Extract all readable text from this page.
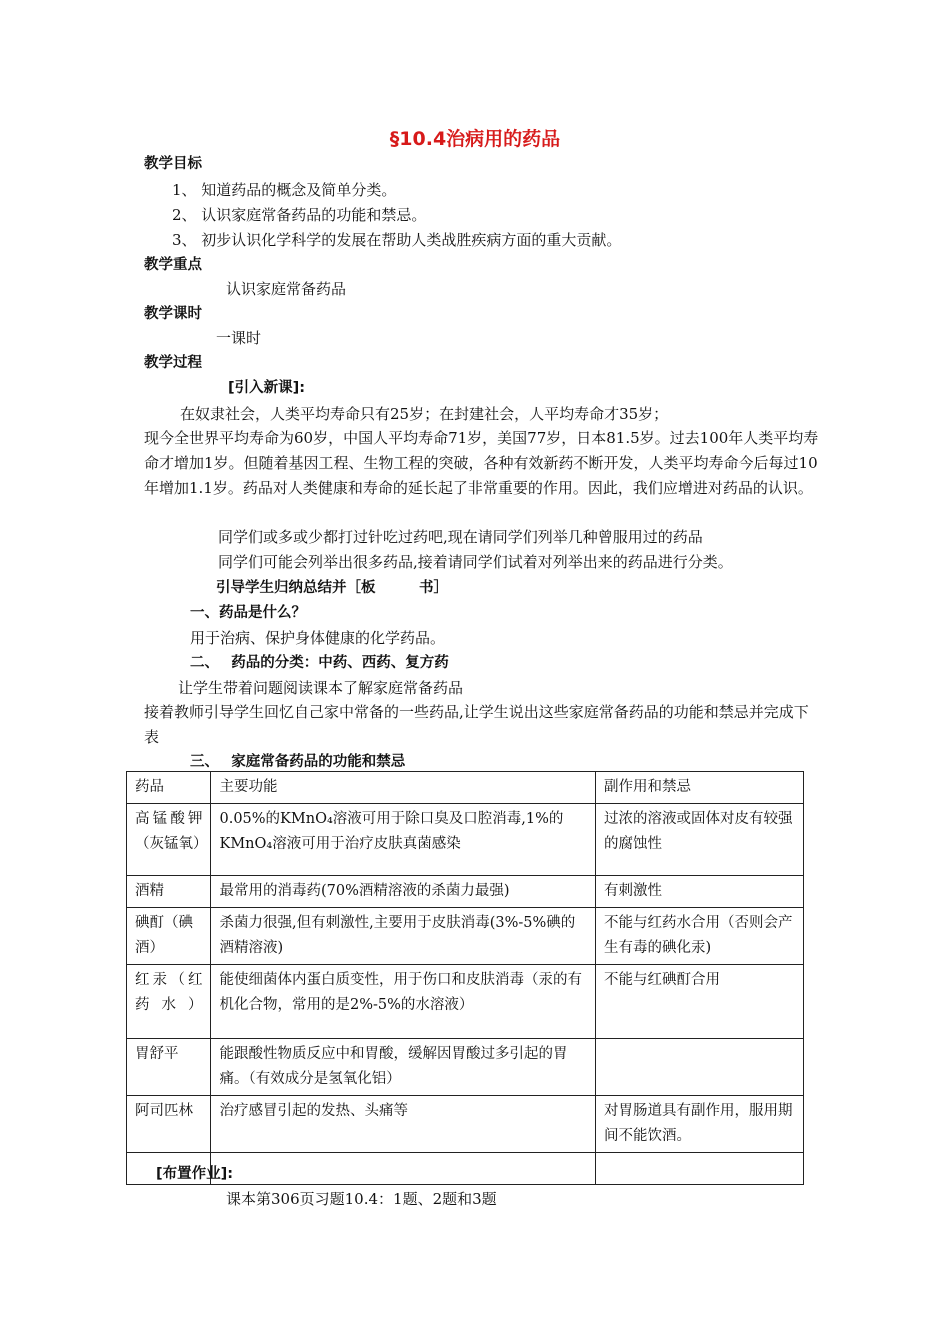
§10.4治病用的药品
教学目标
1、 知道药品的概念及简单分类。
2、 认识家庭常备药品的功能和禁忌。
3、 初步认识化学科学的发展在帮助人类战胜疾病方面的重大贡献。
教学重点
认识家庭常备药品
教学课时
一课时
教学过程
[引入新课]:
在奴隶社会，人类平均寿命只有25岁；在封建社会，人平均寿命才35岁；
现今全世界平均寿命为60岁，中国人平均寿命71岁，美国77岁，日本81.5岁。过去100年人类平均寿命才增加1岁。但随着基因工程、生物工程的突破，各种有效新药不断开发，人类平均寿命今后每过10年增加1.1岁。药品对人类健康和寿命的延长起了非常重要的作用。因此，我们应增进对药品的认识。
同学们或多或少都打过针吃过药吧,现在请同学们列举几种曾服用过的药品
同学们可能会列举出很多药品,接着请同学们试着对列举出来的药品进行分类。
引导学生归纳总结并［板　　　书］
一、药品是什么？
用于治病、保护身体健康的化学药品。
二、　 药品的分类：中药、西药、复方药
让学生带着问题阅读课本了解家庭常备药品
接着教师引导学生回忆自己家中常备的一些药品,让学生说出这些家庭常备药品的功能和禁忌并完成下表
三、　 家庭常备药品的功能和禁忌
药品	主要功能	副作用和禁忌

高锰酸钾（灰锰氧）	0.05%的KMnO₄溶液可用于除口臭及口腔消毒,1%的KMnO₄溶液可用于治疗皮肤真菌感染	过浓的溶液或固体对皮有较强的腐蚀性
酒精	最常用的消毒药(70%酒精溶液的杀菌力最强)	有刺激性
碘酊（碘酒）	杀菌力很强,但有刺激性,主要用于皮肤消毒(3%-5%碘的酒精溶液)	不能与红药水合用（否则会产生有毒的碘化汞)

红汞（红药水）	能使细菌体内蛋白质变性，用于伤口和皮肤消毒（汞的有机化合物，常用的是2%-5%的水溶液）	不能与红碘酊合用
胃舒平	能跟酸性物质反应中和胃酸，缓解因胃酸过多引起的胃痛。（有效成分是氢氧化铝）	
阿司匹林	治疗感冒引起的发热、头痛等	对胃肠道具有副作用，服用期间不能饮酒。

[布置作业]:
课本第306页习题10.4：1题、2题和3题
